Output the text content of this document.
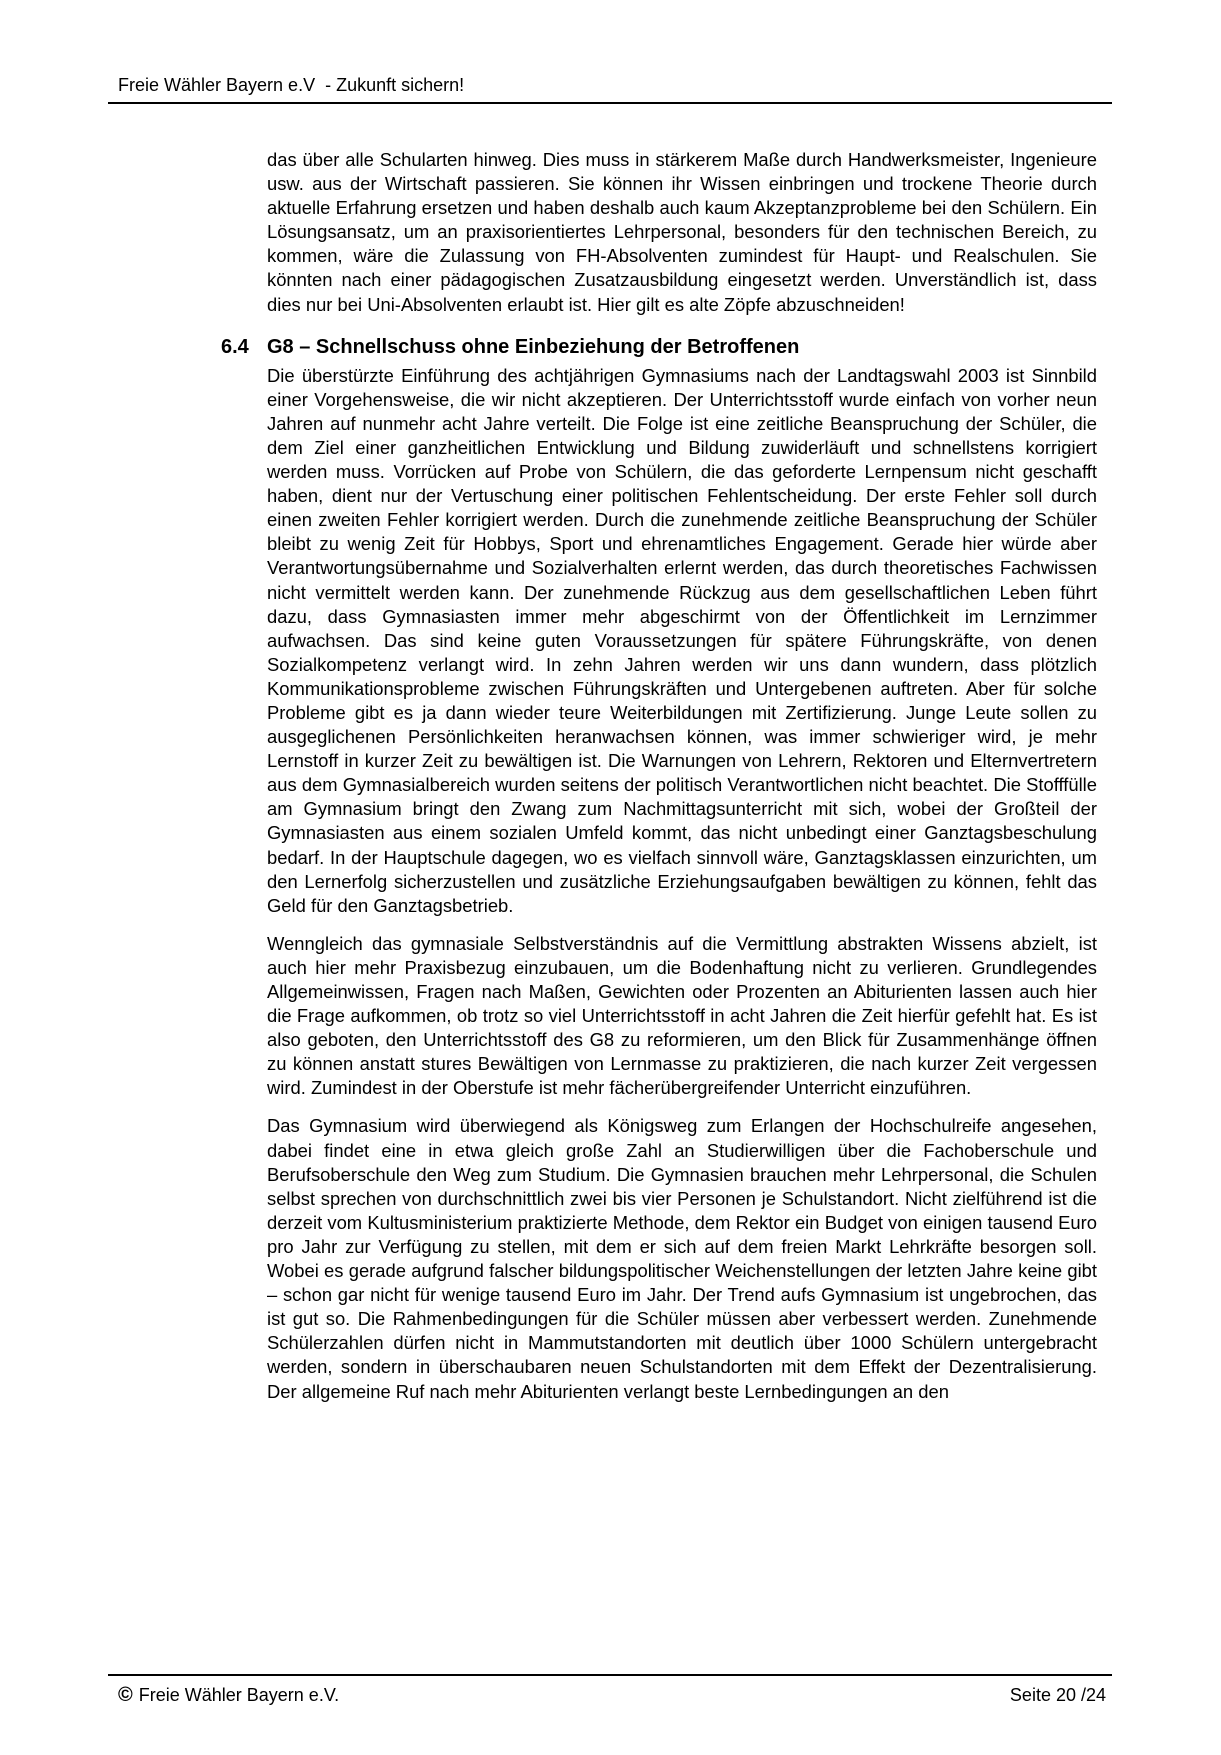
Freie Wähler Bayern e.V  - Zukunft sichern!

das über alle Schularten hinweg. Dies muss in stärkerem Maße durch Handwerksmeister, Ingenieure usw. aus der Wirtschaft passieren. Sie können ihr Wissen einbringen und trockene Theorie durch aktuelle Erfahrung ersetzen und haben deshalb auch kaum Akzeptanzprobleme bei den Schülern. Ein Lösungsansatz, um an praxisorientiertes Lehrpersonal, besonders für den technischen Bereich, zu kommen, wäre die Zulassung von FH-Absolventen zumindest für Haupt- und Realschulen. Sie könnten nach einer pädagogischen Zusatzausbildung eingesetzt werden. Unverständlich ist, dass dies nur bei Uni-Absolventen erlaubt ist. Hier gilt es alte Zöpfe abzuschneiden!

6.4 G8 – Schnellschuss ohne Einbeziehung der Betroffenen

Die überstürzte Einführung des achtjährigen Gymnasiums nach der Landtagswahl 2003 ist Sinnbild einer Vorgehensweise, die wir nicht akzeptieren. Der Unterrichtsstoff wurde einfach von vorher neun Jahren auf nunmehr acht Jahre verteilt. Die Folge ist eine zeitliche Beanspruchung der Schüler, die dem Ziel einer ganzheitlichen Entwicklung und Bildung zuwiderläuft und schnellstens korrigiert werden muss. Vorrücken auf Probe von Schülern, die das geforderte Lernpensum nicht geschafft haben, dient nur der Vertuschung einer politischen Fehlentscheidung. Der erste Fehler soll durch einen zweiten Fehler korrigiert werden. Durch die zunehmende zeitliche Beanspruchung der Schüler bleibt zu wenig Zeit für Hobbys, Sport und ehrenamtliches Engagement. Gerade hier würde aber Verantwortungsübernahme und Sozialverhalten erlernt werden, das durch theoretisches Fachwissen nicht vermittelt werden kann. Der zunehmende Rückzug aus dem gesellschaftlichen Leben führt dazu, dass Gymnasiasten immer mehr abgeschirmt von der Öffentlichkeit im Lernzimmer aufwachsen. Das sind keine guten Voraussetzungen für spätere Führungskräfte, von denen Sozialkompetenz verlangt wird. In zehn Jahren werden wir uns dann wundern, dass plötzlich Kommunikationsprobleme zwischen Führungskräften und Untergebenen auftreten. Aber für solche Probleme gibt es ja dann wieder teure Weiterbildungen mit Zertifizierung. Junge Leute sollen zu ausgeglichenen Persönlichkeiten heranwachsen können, was immer schwieriger wird, je mehr Lernstoff in kurzer Zeit zu bewältigen ist. Die Warnungen von Lehrern, Rektoren und Elternvertretern aus dem Gymnasialbereich wurden seitens der politisch Verantwortlichen nicht beachtet. Die Stofffülle am Gymnasium bringt den Zwang zum Nachmittagsunterricht mit sich, wobei der Großteil der Gymnasiasten aus einem sozialen Umfeld kommt, das nicht unbedingt einer Ganztagsbeschulung bedarf. In der Hauptschule dagegen, wo es vielfach sinnvoll wäre, Ganztagsklassen einzurichten, um den Lernerfolg sicherzustellen und zusätzliche Erziehungsaufgaben bewältigen zu können, fehlt das Geld für den Ganztagsbetrieb.

Wenngleich das gymnasiale Selbstverständnis auf die Vermittlung abstrakten Wissens abzielt, ist auch hier mehr Praxisbezug einzubauen, um die Bodenhaftung nicht zu verlieren. Grundlegendes Allgemeinwissen, Fragen nach Maßen, Gewichten oder Prozenten an Abiturienten lassen auch hier die Frage aufkommen, ob trotz so viel Unterrichtsstoff in acht Jahren die Zeit hierfür gefehlt hat. Es ist also geboten, den Unterrichtsstoff des G8 zu reformieren, um den Blick für Zusammenhänge öffnen zu können anstatt stures Bewältigen von Lernmasse zu praktizieren, die nach kurzer Zeit vergessen wird. Zumindest in der Oberstufe ist mehr fächerübergreifender Unterricht einzuführen.

Das Gymnasium wird überwiegend als Königsweg zum Erlangen der Hochschulreife angesehen, dabei findet eine in etwa gleich große Zahl an Studierwilligen über die Fachoberschule und Berufsoberschule den Weg zum Studium. Die Gymnasien brauchen mehr Lehrpersonal, die Schulen selbst sprechen von durchschnittlich zwei bis vier Personen je Schulstandort. Nicht zielführend ist die derzeit vom Kultusministerium praktizierte Methode, dem Rektor ein Budget von einigen tausend Euro pro Jahr zur Verfügung zu stellen, mit dem er sich auf dem freien Markt Lehrkräfte besorgen soll. Wobei es gerade aufgrund falscher bildungspolitischer Weichenstellungen der letzten Jahre keine gibt – schon gar nicht für wenige tausend Euro im Jahr. Der Trend aufs Gymnasium ist ungebrochen, das ist gut so. Die Rahmenbedingungen für die Schüler müssen aber verbessert werden. Zunehmende Schülerzahlen dürfen nicht in Mammutstandorten mit deutlich über 1000 Schülern untergebracht werden, sondern in überschaubaren neuen Schulstandorten mit dem Effekt der Dezentralisierung. Der allgemeine Ruf nach mehr Abiturienten verlangt beste Lernbedingungen an den

© Freie Wähler Bayern e.V.	Seite 20 /24
